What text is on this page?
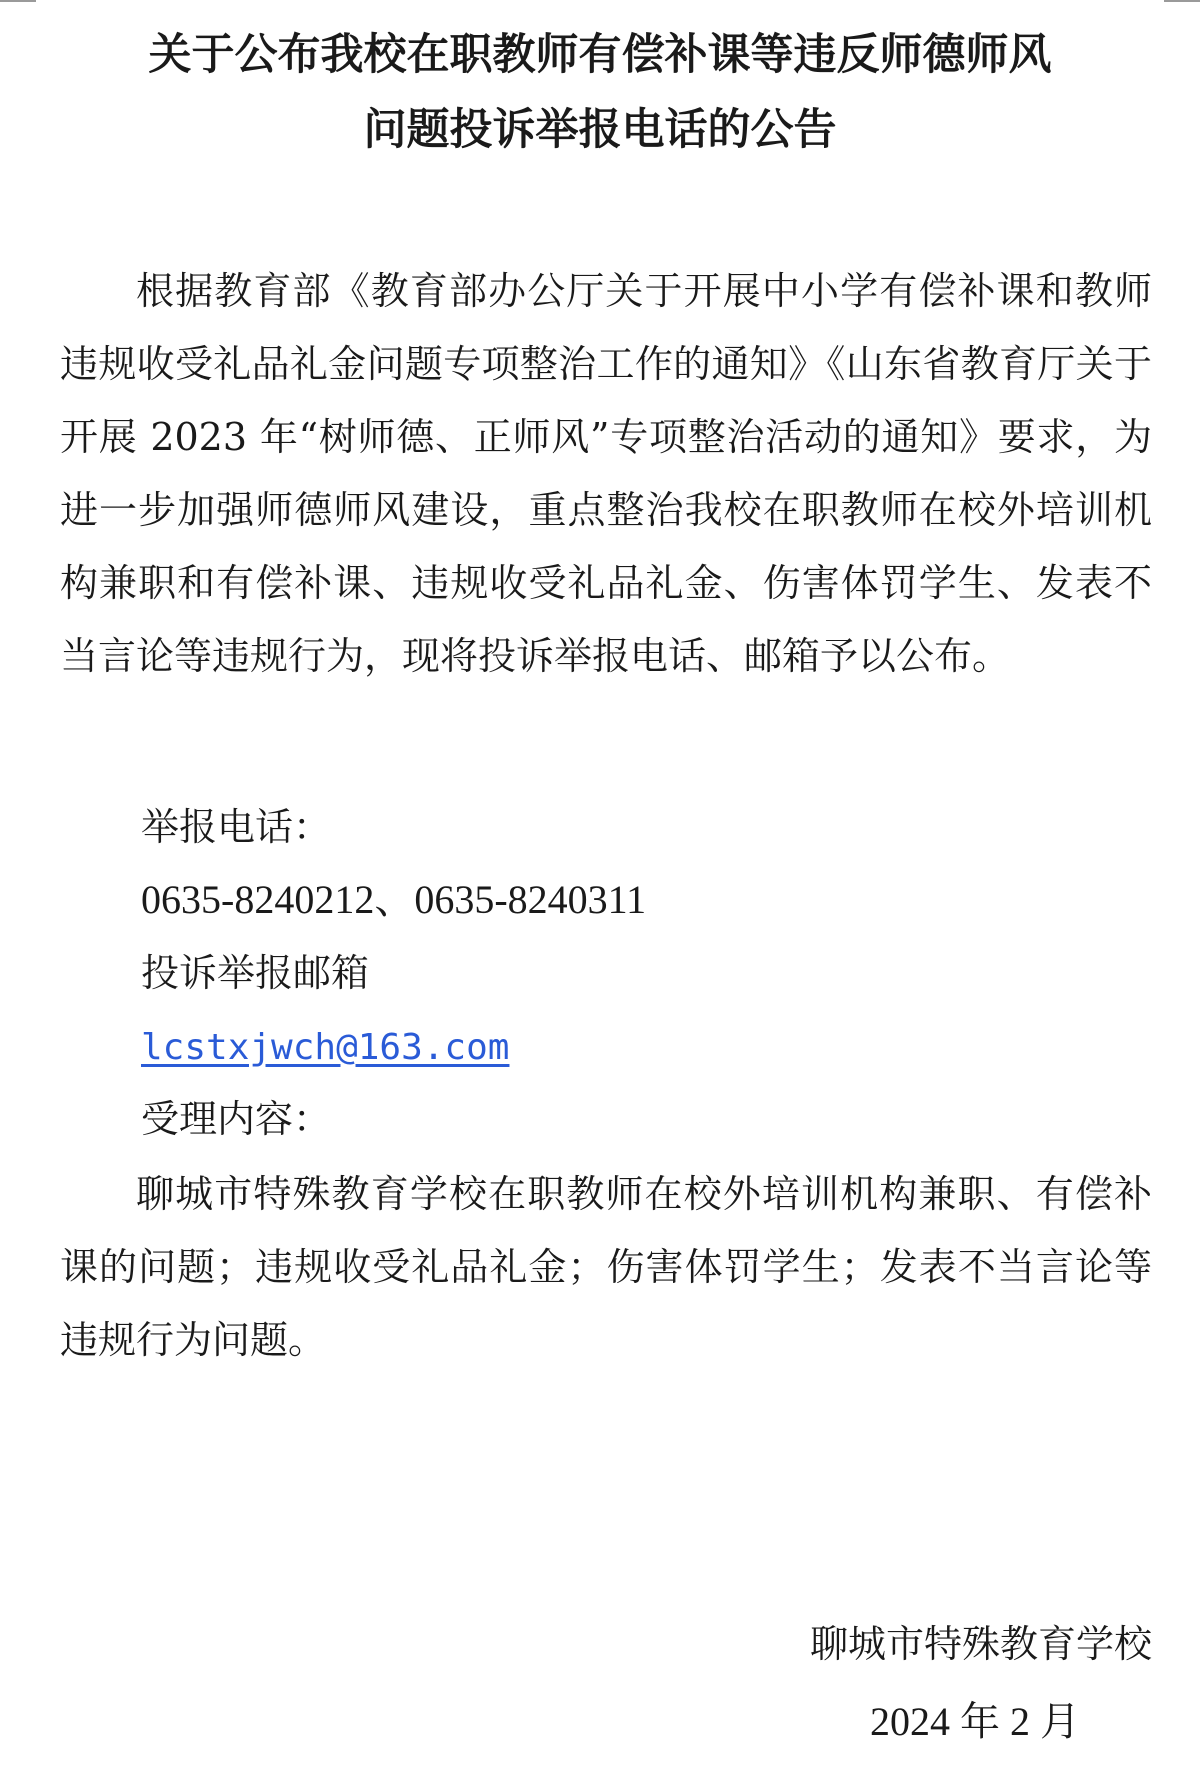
关于公布我校在职教师有偿补课等违反师德师风
问题投诉举报电话的公告

根据教育部《教育部办公厅关于开展中小学有偿补课和教师违规收受礼品礼金问题专项整治工作的通知》《山东省教育厅关于开展 2023 年“树师德、正师风”专项整治活动的通知》要求，为进一步加强师德师风建设，重点整治我校在职教师在校外培训机构兼职和有偿补课、违规收受礼品礼金、伤害体罚学生、发表不当言论等违规行为，现将投诉举报电话、邮箱予以公布。

举报电话：

0635-8240212、0635-8240311

投诉举报邮箱

lcstxjwch@163.com

受理内容：

聊城市特殊教育学校在职教师在校外培训机构兼职、有偿补课的问题；违规收受礼品礼金；伤害体罚学生；发表不当言论等违规行为问题。

聊城市特殊教育学校

2024 年 2 月
